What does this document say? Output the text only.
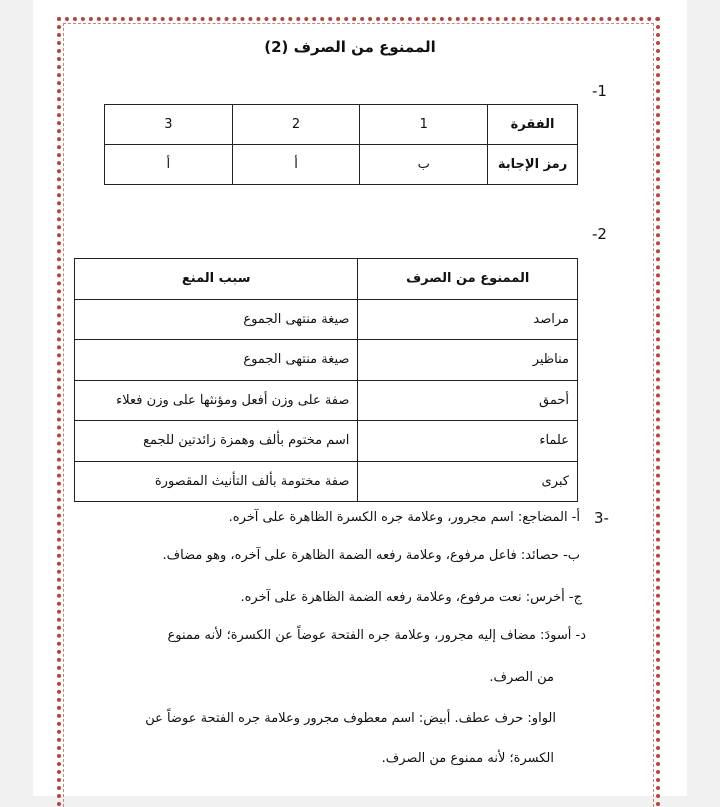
الممنوع من الصرف (2)
-1
الفقرة	1	2	3
رمز الإجابة	ب	أ	أ
-2
الممنوع من الصرف	سبب المنع
مراصد	صيغة منتهى الجموع
مناظير	صيغة منتهى الجموع
أحمق	صفة على وزن أفعل ومؤنثها على وزن فعلاء
علماء	اسم مختوم بألف وهمزة زائدتين للجمع
كبرى	صفة مختومة بألف التأنيث المقصورة
3-
أ- المضاجع: اسم مجرور، وعلامة جره الكسرة الظاهرة على آخره.
ب- حصائد: فاعل مرفوع، وعلامة رفعه الضمة الظاهرة على آخره، وهو مضاف.
ج- أخرس: نعت مرفوع، وعلامة رفعه الضمة الظاهرة على آخره.
د- أسودَ: مضاف إليه مجرور، وعلامة جره الفتحة عوضاً عن الكسرة؛ لأنه ممنوع
من الصرف.
الواو: حرف عطف. أبيض: اسم معطوف مجرور وعلامة جره الفتحة عوضاً عن
الكسرة؛ لأنه ممنوع من الصرف.
